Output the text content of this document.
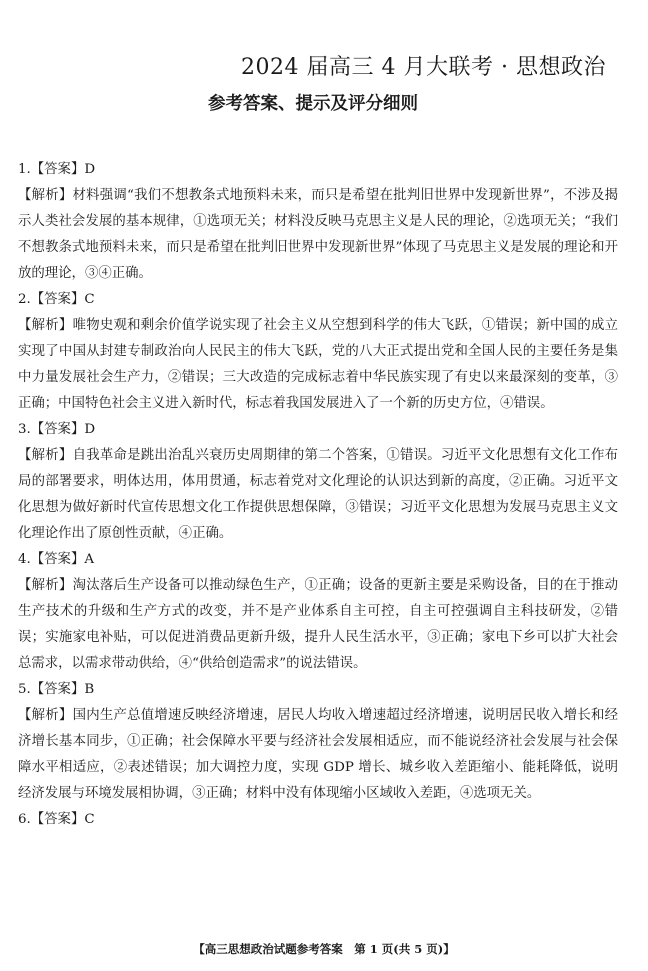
2024 届高三 4 月大联考 · 思想政治
参考答案、提示及评分细则
1.【答案】D
【解析】材料强调“我们不想教条式地预料未来，而只是希望在批判旧世界中发现新世界”，不涉及揭示人类社会发展的基本规律，①选项无关；材料没反映马克思主义是人民的理论，②选项无关；“我们不想教条式地预料未来，而只是希望在批判旧世界中发现新世界”体现了马克思主义是发展的理论和开放的理论，③④正确。
2.【答案】C
【解析】唯物史观和剩余价值学说实现了社会主义从空想到科学的伟大飞跃，①错误；新中国的成立实现了中国从封建专制政治向人民民主的伟大飞跃，党的八大正式提出党和全国人民的主要任务是集中力量发展社会生产力，②错误；三大改造的完成标志着中华民族实现了有史以来最深刻的变革，③正确；中国特色社会主义进入新时代，标志着我国发展进入了一个新的历史方位，④错误。
3.【答案】D
【解析】自我革命是跳出治乱兴衰历史周期律的第二个答案，①错误。习近平文化思想有文化工作布局的部署要求，明体达用，体用贯通，标志着党对文化理论的认识达到新的高度，②正确。习近平文化思想为做好新时代宣传思想文化工作提供思想保障，③错误；习近平文化思想为发展马克思主义文化理论作出了原创性贡献，④正确。
4.【答案】A
【解析】淘汰落后生产设备可以推动绿色生产，①正确；设备的更新主要是采购设备，目的在于推动生产技术的升级和生产方式的改变，并不是产业体系自主可控，自主可控强调自主科技研发，②错误；实施家电补贴，可以促进消费品更新升级，提升人民生活水平，③正确；家电下乡可以扩大社会总需求，以需求带动供给，④“供给创造需求”的说法错误。
5.【答案】B
【解析】国内生产总值增速反映经济增速，居民人均收入增速超过经济增速，说明居民收入增长和经济增长基本同步，①正确；社会保障水平要与经济社会发展相适应，而不能说经济社会发展与社会保障水平相适应，②表述错误；加大调控力度，实现 GDP 增长、城乡收入差距缩小、能耗降低，说明经济发展与环境发展相协调，③正确；材料中没有体现缩小区域收入差距，④选项无关。
6.【答案】C
【高三思想政治试题参考答案　第 1 页(共 5 页)】
